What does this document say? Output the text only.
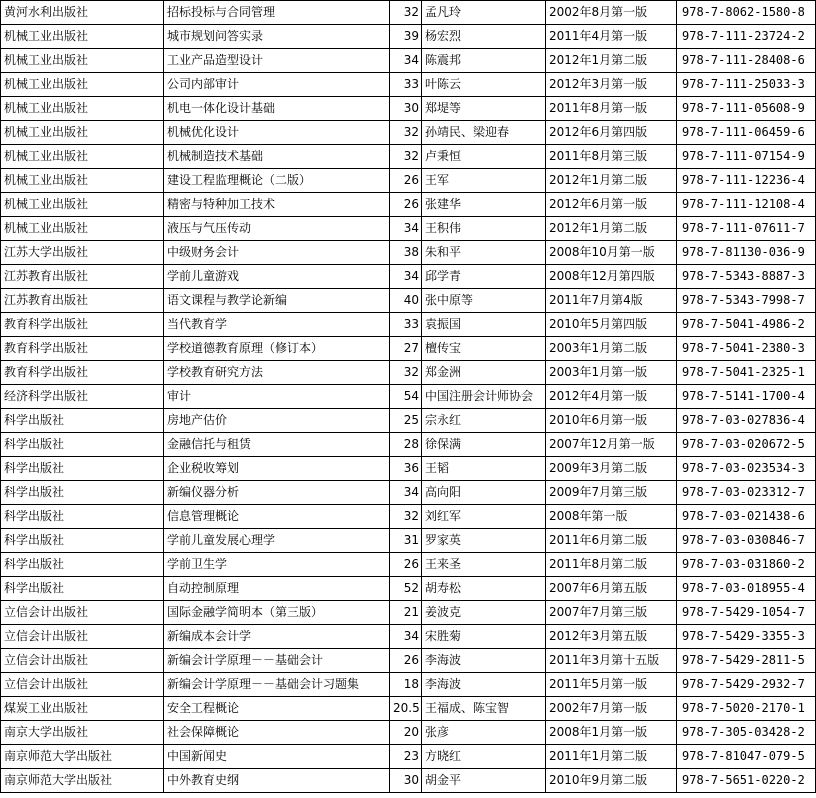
黄河水利出版社	招标投标与合同管理	32	孟凡玲	2002年8月第一版	978-7-8062-1580-8
机械工业出版社	城市规划问答实录	39	杨宏烈	2011年4月第一版	978-7-111-23724-2
机械工业出版社	工业产品造型设计	34	陈震邦	2012年1月第二版	978-7-111-28408-6
机械工业出版社	公司内部审计	33	叶陈云	2012年3月第一版	978-7-111-25033-3
机械工业出版社	机电一体化设计基础	30	郑堤等	2011年8月第一版	978-7-111-05608-9
机械工业出版社	机械优化设计	32	孙靖民、梁迎春	2012年6月第四版	978-7-111-06459-6
机械工业出版社	机械制造技术基础	32	卢秉恒	2011年8月第三版	978-7-111-07154-9
机械工业出版社	建设工程监理概论（二版）	26	王军	2012年1月第二版	978-7-111-12236-4
机械工业出版社	精密与特种加工技术	26	张建华	2012年6月第一版	978-7-111-12108-4
机械工业出版社	液压与气压传动	34	王积伟	2012年1月第二版	978-7-111-07611-7
江苏大学出版社	中级财务会计	38	朱和平	2008年10月第一版	978-7-81130-036-9
江苏教育出版社	学前儿童游戏	34	邱学青	2008年12月第四版	978-7-5343-8887-3
江苏教育出版社	语文课程与教学论新编	40	张中原等	2011年7月第4版	978-7-5343-7998-7
教育科学出版社	当代教育学	33	袁振国	2010年5月第四版	978-7-5041-4986-2
教育科学出版社	学校道德教育原理（修订本）	27	檀传宝	2003年1月第二版	978-7-5041-2380-3
教育科学出版社	学校教育研究方法	32	郑金洲	2003年1月第一版	978-7-5041-2325-1
经济科学出版社	审计	54	中国注册会计师协会	2012年4月第一版	978-7-5141-1700-4
科学出版社	房地产估价	25	宗永红	2010年6月第一版	978-7-03-027836-4
科学出版社	金融信托与租赁	28	徐保满	2007年12月第一版	978-7-03-020672-5
科学出版社	企业税收筹划	36	王韬	2009年3月第二版	978-7-03-023534-3
科学出版社	新编仪器分析	34	高向阳	2009年7月第三版	978-7-03-023312-7
科学出版社	信息管理概论	32	刘红军	2008年第一版	978-7-03-021438-6
科学出版社	学前儿童发展心理学	31	罗家英	2011年6月第二版	978-7-03-030846-7
科学出版社	学前卫生学	26	王来圣	2011年8月第二版	978-7-03-031860-2
科学出版社	自动控制原理	52	胡寿松	2007年6月第五版	978-7-03-018955-4
立信会计出版社	国际金融学简明本（第三版）	21	姜波克	2007年7月第三版	978-7-5429-1054-7
立信会计出版社	新编成本会计学	34	宋胜菊	2012年3月第五版	978-7-5429-3355-3
立信会计出版社	新编会计学原理－－基础会计	26	李海波	2011年3月第十五版	978-7-5429-2811-5
立信会计出版社	新编会计学原理－－基础会计习题集	18	李海波	2011年5月第一版	978-7-5429-2932-7
煤炭工业出版社	安全工程概论	20.5	王福成、陈宝智	2002年7月第一版	978-7-5020-2170-1
南京大学出版社	社会保障概论	20	张彦	2008年1月第一版	978-7-305-03428-2
南京师范大学出版社	中国新闻史	23	方晓红	2011年1月第二版	978-7-81047-079-5
南京师范大学出版社	中外教育史纲	30	胡金平	2010年9月第二版	978-7-5651-0220-2
